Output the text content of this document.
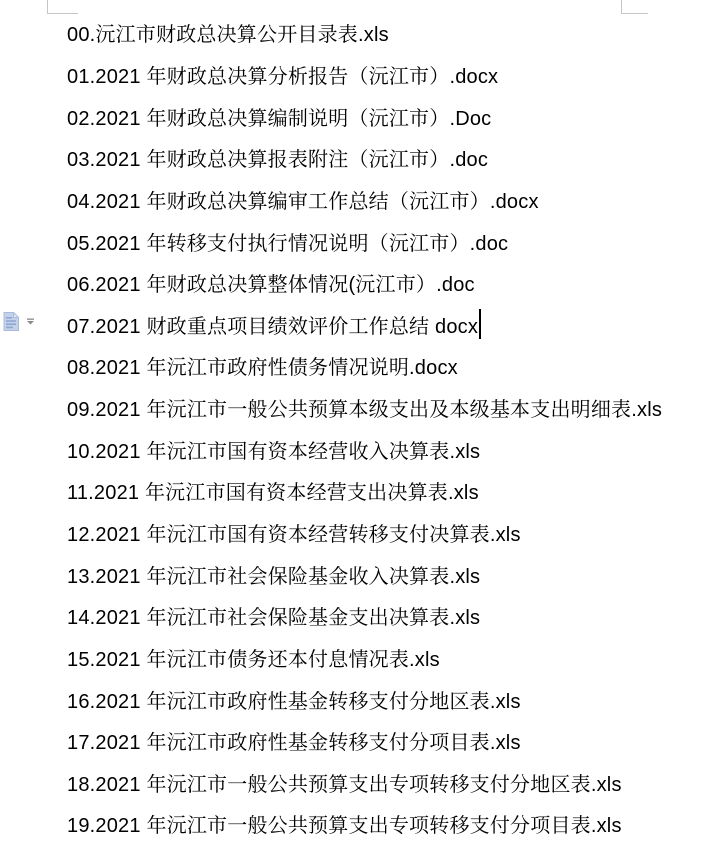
00.沅江市财政总决算公开目录表.xls
01.2021 年财政总决算分析报告（沅江市）.docx
02.2021 年财政总决算编制说明（沅江市）.Doc
03.2021 年财政总决算报表附注（沅江市）.doc
04.2021 年财政总决算编审工作总结（沅江市）.docx
05.2021 年转移支付执行情况说明（沅江市）.doc
06.2021 年财政总决算整体情况(沅江市）.doc
07.2021 财政重点项目绩效评价工作总结 docx
08.2021 年沅江市政府性债务情况说明.docx
09.2021 年沅江市一般公共预算本级支出及本级基本支出明细表.xls
10.2021 年沅江市国有资本经营收入决算表.xls
11.2021 年沅江市国有资本经营支出决算表.xls
12.2021 年沅江市国有资本经营转移支付决算表.xls
13.2021 年沅江市社会保险基金收入决算表.xls
14.2021 年沅江市社会保险基金支出决算表.xls
15.2021 年沅江市债务还本付息情况表.xls
16.2021 年沅江市政府性基金转移支付分地区表.xls
17.2021 年沅江市政府性基金转移支付分项目表.xls
18.2021 年沅江市一般公共预算支出专项转移支付分地区表.xls
19.2021 年沅江市一般公共预算支出专项转移支付分项目表.xls
